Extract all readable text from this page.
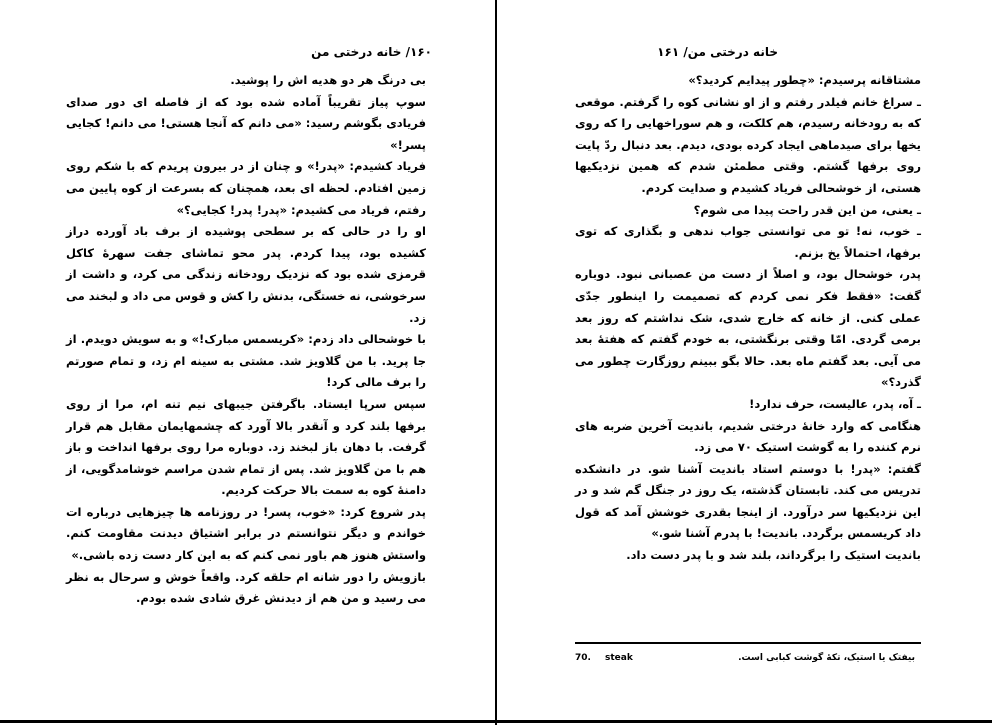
۱۶۰/ خانه درختی من

بی درنگ هر دو هدیه اش را پوشید.

سوپ پیاز تقریباً آماده شده بود که از فاصله ای دور صدای فریادی بگوشم رسید: «می دانم که آنجا هستی! می دانم! کجایی پسر!»

فریاد کشیدم: «پدر!» و چنان از در بیرون پریدم که با شکم روی زمین افتادم. لحظه ای بعد، همچنان که بسرعت از کوه پایین می رفتم، فریاد می کشیدم: «پدر! پدر! کجایی؟»

او را در حالی که بر سطحی پوشیده از برف باد آورده دراز کشیده بود، پیدا کردم. پدر محو تماشای جفت سهرهٔ کاکل قرمزی شده بود که نزدیک رودخانه زندگی می کرد، و داشت از سرخوشی، نه خستگی، بدنش را کش و قوس می داد و لبخند می زد.

با خوشحالی داد زدم: «کریسمس مبارک!» و به سویش دویدم. از جا پرید. با من گلاویز شد. مشتی به سینه ام زد، و تمام صورتم را برف مالی کرد!

سپس سرپا ایستاد. باگرفتن جیبهای نیم تنه ام، مرا از روی برفها بلند کرد و آنقدر بالا آورد که چشمهایمان مقابل هم قرار گرفت. با دهان باز لبخند زد. دوباره مرا روی برفها انداخت و باز هم با من گلاویز شد. پس از تمام شدن مراسم خوشامدگویی، از دامنهٔ کوه به سمت بالا حرکت کردیم.

پدر شروع کرد: «خوب، پسر! در روزنامه ها چیزهایی درباره ات خواندم و دیگر نتوانستم در برابر اشتیاق دیدنت مقاومت کنم. واستش هنوز هم باور نمی کنم که به این کار دست زده باشی.»

بازویش را دور شانه ام حلقه کرد. واقعاً خوش و سرحال به نظر می رسید و من هم از دیدنش غرق شادی شده بودم.

خانه درختی من/ ۱۶۱

مشتاقانه پرسیدم: «چطور پیدایم کردید؟»

ـ سراغ خانم فیلدر رفتم و از او نشانی کوه را گرفتم. موقعی که به رودخانه رسیدم، هم کلکت، و هم سوراخهایی را که روی یخها برای صیدماهی ایجاد کرده بودی، دیدم. بعد دنبال ردّ پایت روی برفها گشتم. وقتی مطمئن شدم که همین نزدیکیها هستی، از خوشحالی فریاد کشیدم و صدایت کردم.

ـ یعنی، من این قدر راحت پیدا می شوم؟

ـ خوب، نه! تو می توانستی جواب ندهی و بگذاری که توی برفها، احتمالاً یخ بزنم.

پدر، خوشحال بود، و اصلاً از دست من عصبانی نبود. دوباره گفت: «فقط فکر نمی کردم که تصمیمت را اینطور جدّی عملی کنی. از خانه که خارج شدی، شک نداشتم که روز بعد برمی گردی. امّا وقتی برنگشتی، به خودم گفتم که هفتهٔ بعد می آیی. بعد گفتم ماه بعد. حالا بگو ببینم روزگارت چطور می گذرد؟»

ـ آه، پدر، عالیست، حرف ندارد!

هنگامی که وارد خانهٔ درختی شدیم، باندیت آخرین ضربه های نرم کننده را به گوشت استیک ۷۰ می زد.

گفتم: «پدر! با دوستم استاد باندیت آشنا شو. در دانشکده تدریس می کند. تابستان گذشته، یک روز در جنگل گم شد و در این نزدیکیها سر درآورد. از اینجا بقدری خوشش آمد که قول داد کریسمس برگردد. باندیت! با پدرم آشنا شو.»

باندیت استیک را برگرداند، بلند شد و با پدر دست داد.

70. steak	بیفتک یا استیک، تکهٔ گوشت کبابی است.
